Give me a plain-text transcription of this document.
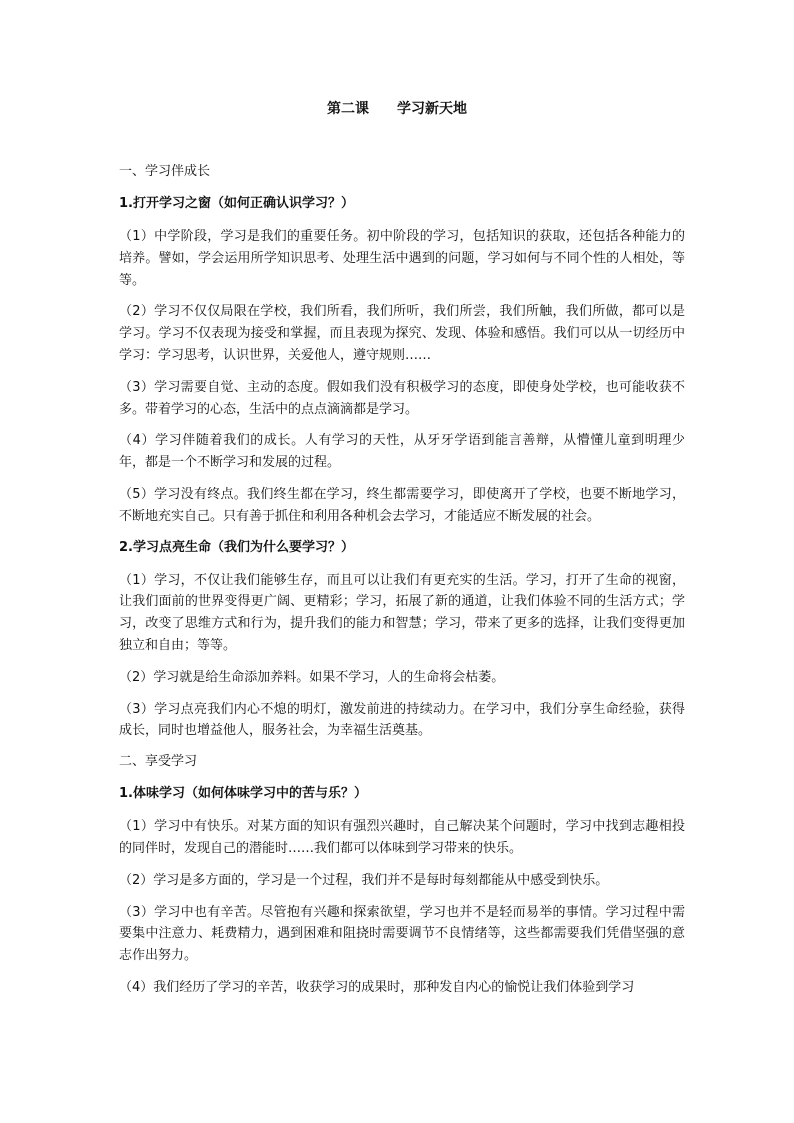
第二课　　学习新天地
一、学习伴成长
1.打开学习之窗（如何正确认识学习？）
（1）中学阶段，学习是我们的重要任务。初中阶段的学习，包括知识的获取，还包括各种能力的培养。譬如，学会运用所学知识思考、处理生活中遇到的问题，学习如何与不同个性的人相处，等等。
（2）学习不仅仅局限在学校，我们所看，我们所听，我们所尝，我们所触，我们所做，都可以是学习。学习不仅表现为接受和掌握，而且表现为探究、发现、体验和感悟。我们可以从一切经历中学习：学习思考，认识世界，关爱他人，遵守规则……
（3）学习需要自觉、主动的态度。假如我们没有积极学习的态度，即使身处学校，也可能收获不多。带着学习的心态，生活中的点点滴滴都是学习。
（4）学习伴随着我们的成长。人有学习的天性，从牙牙学语到能言善辩，从懵懂儿童到明理少年，都是一个不断学习和发展的过程。
（5）学习没有终点。我们终生都在学习，终生都需要学习，即使离开了学校，也要不断地学习，不断地充实自己。只有善于抓住和利用各种机会去学习，才能适应不断发展的社会。
2.学习点亮生命（我们为什么要学习？）
（1）学习，不仅让我们能够生存，而且可以让我们有更充实的生活。学习，打开了生命的视窗，让我们面前的世界变得更广阔、更精彩；学习，拓展了新的通道，让我们体验不同的生活方式；学习，改变了思维方式和行为，提升我们的能力和智慧；学习，带来了更多的选择，让我们变得更加独立和自由；等等。
（2）学习就是给生命添加养料。如果不学习，人的生命将会枯萎。
（3）学习点亮我们内心不熄的明灯，激发前进的持续动力。在学习中，我们分享生命经验，获得成长，同时也增益他人，服务社会，为幸福生活奠基。
二、享受学习
1.体味学习（如何体味学习中的苦与乐？）
（1）学习中有快乐。对某方面的知识有强烈兴趣时，自己解决某个问题时，学习中找到志趣相投的同伴时，发现自己的潜能时……我们都可以体味到学习带来的快乐。
（2）学习是多方面的，学习是一个过程，我们并不是每时每刻都能从中感受到快乐。
（3）学习中也有辛苦。尽管抱有兴趣和探索欲望，学习也并不是轻而易举的事情。学习过程中需要集中注意力、耗费精力，遇到困难和阻挠时需要调节不良情绪等，这些都需要我们凭借坚强的意志作出努力。
（4）我们经历了学习的辛苦，收获学习的成果时，那种发自内心的愉悦让我们体验到学习
